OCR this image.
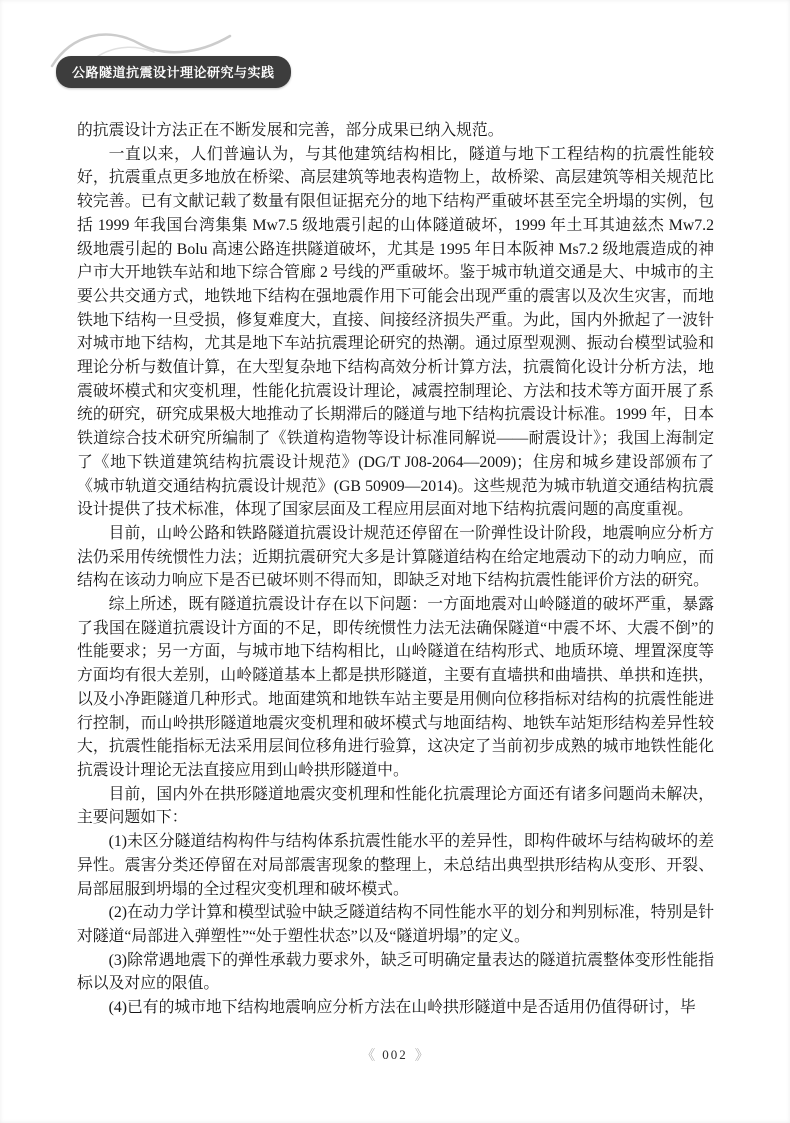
公路隧道抗震设计理论研究与实践

的抗震设计方法正在不断发展和完善，部分成果已纳入规范。

一直以来，人们普遍认为，与其他建筑结构相比，隧道与地下工程结构的抗震性能较好，抗震重点更多地放在桥梁、高层建筑等地表构造物上，故桥梁、高层建筑等相关规范比较完善。已有文献记载了数量有限但证据充分的地下结构严重破坏甚至完全坍塌的实例，包括 1999 年我国台湾集集 Mw7.5 级地震引起的山体隧道破坏，1999 年土耳其迪兹杰 Mw7.2 级地震引起的 Bolu 高速公路连拱隧道破坏，尤其是 1995 年日本阪神 Ms7.2 级地震造成的神户市大开地铁车站和地下综合管廊 2 号线的严重破坏。鉴于城市轨道交通是大、中城市的主要公共交通方式，地铁地下结构在强地震作用下可能会出现严重的震害以及次生灾害，而地铁地下结构一旦受损，修复难度大，直接、间接经济损失严重。为此，国内外掀起了一波针对城市地下结构，尤其是地下车站抗震理论研究的热潮。通过原型观测、振动台模型试验和理论分析与数值计算，在大型复杂地下结构高效分析计算方法，抗震简化设计分析方法，地震破坏模式和灾变机理，性能化抗震设计理论，减震控制理论、方法和技术等方面开展了系统的研究，研究成果极大地推动了长期滞后的隧道与地下结构抗震设计标准。1999 年，日本铁道综合技术研究所编制了《铁道构造物等设计标准同解说——耐震设计》；我国上海制定了《地下铁道建筑结构抗震设计规范》(DG/T J08-2064—2009)；住房和城乡建设部颁布了《城市轨道交通结构抗震设计规范》(GB 50909—2014)。这些规范为城市轨道交通结构抗震设计提供了技术标准，体现了国家层面及工程应用层面对地下结构抗震问题的高度重视。

目前，山岭公路和铁路隧道抗震设计规范还停留在一阶弹性设计阶段，地震响应分析方法仍采用传统惯性力法；近期抗震研究大多是计算隧道结构在给定地震动下的动力响应，而结构在该动力响应下是否已破坏则不得而知，即缺乏对地下结构抗震性能评价方法的研究。

综上所述，既有隧道抗震设计存在以下问题：一方面地震对山岭隧道的破坏严重，暴露了我国在隧道抗震设计方面的不足，即传统惯性力法无法确保隧道“中震不坏、大震不倒”的性能要求；另一方面，与城市地下结构相比，山岭隧道在结构形式、地质环境、埋置深度等方面均有很大差别，山岭隧道基本上都是拱形隧道，主要有直墙拱和曲墙拱、单拱和连拱，以及小净距隧道几种形式。地面建筑和地铁车站主要是用侧向位移指标对结构的抗震性能进行控制，而山岭拱形隧道地震灾变机理和破坏模式与地面结构、地铁车站矩形结构差异性较大，抗震性能指标无法采用层间位移角进行验算，这决定了当前初步成熟的城市地铁性能化抗震设计理论无法直接应用到山岭拱形隧道中。

目前，国内外在拱形隧道地震灾变机理和性能化抗震理论方面还有诸多问题尚未解决，主要问题如下：

(1)未区分隧道结构构件与结构体系抗震性能水平的差异性，即构件破坏与结构破坏的差异性。震害分类还停留在对局部震害现象的整理上，未总结出典型拱形结构从变形、开裂、局部屈服到坍塌的全过程灾变机理和破坏模式。

(2)在动力学计算和模型试验中缺乏隧道结构不同性能水平的划分和判别标准，特别是针对隧道“局部进入弹塑性”“处于塑性状态”以及“隧道坍塌”的定义。

(3)除常遇地震下的弹性承载力要求外，缺乏可明确定量表达的隧道抗震整体变形性能指标以及对应的限值。

(4)已有的城市地下结构地震响应分析方法在山岭拱形隧道中是否适用仍值得研讨，毕

《 002 》
